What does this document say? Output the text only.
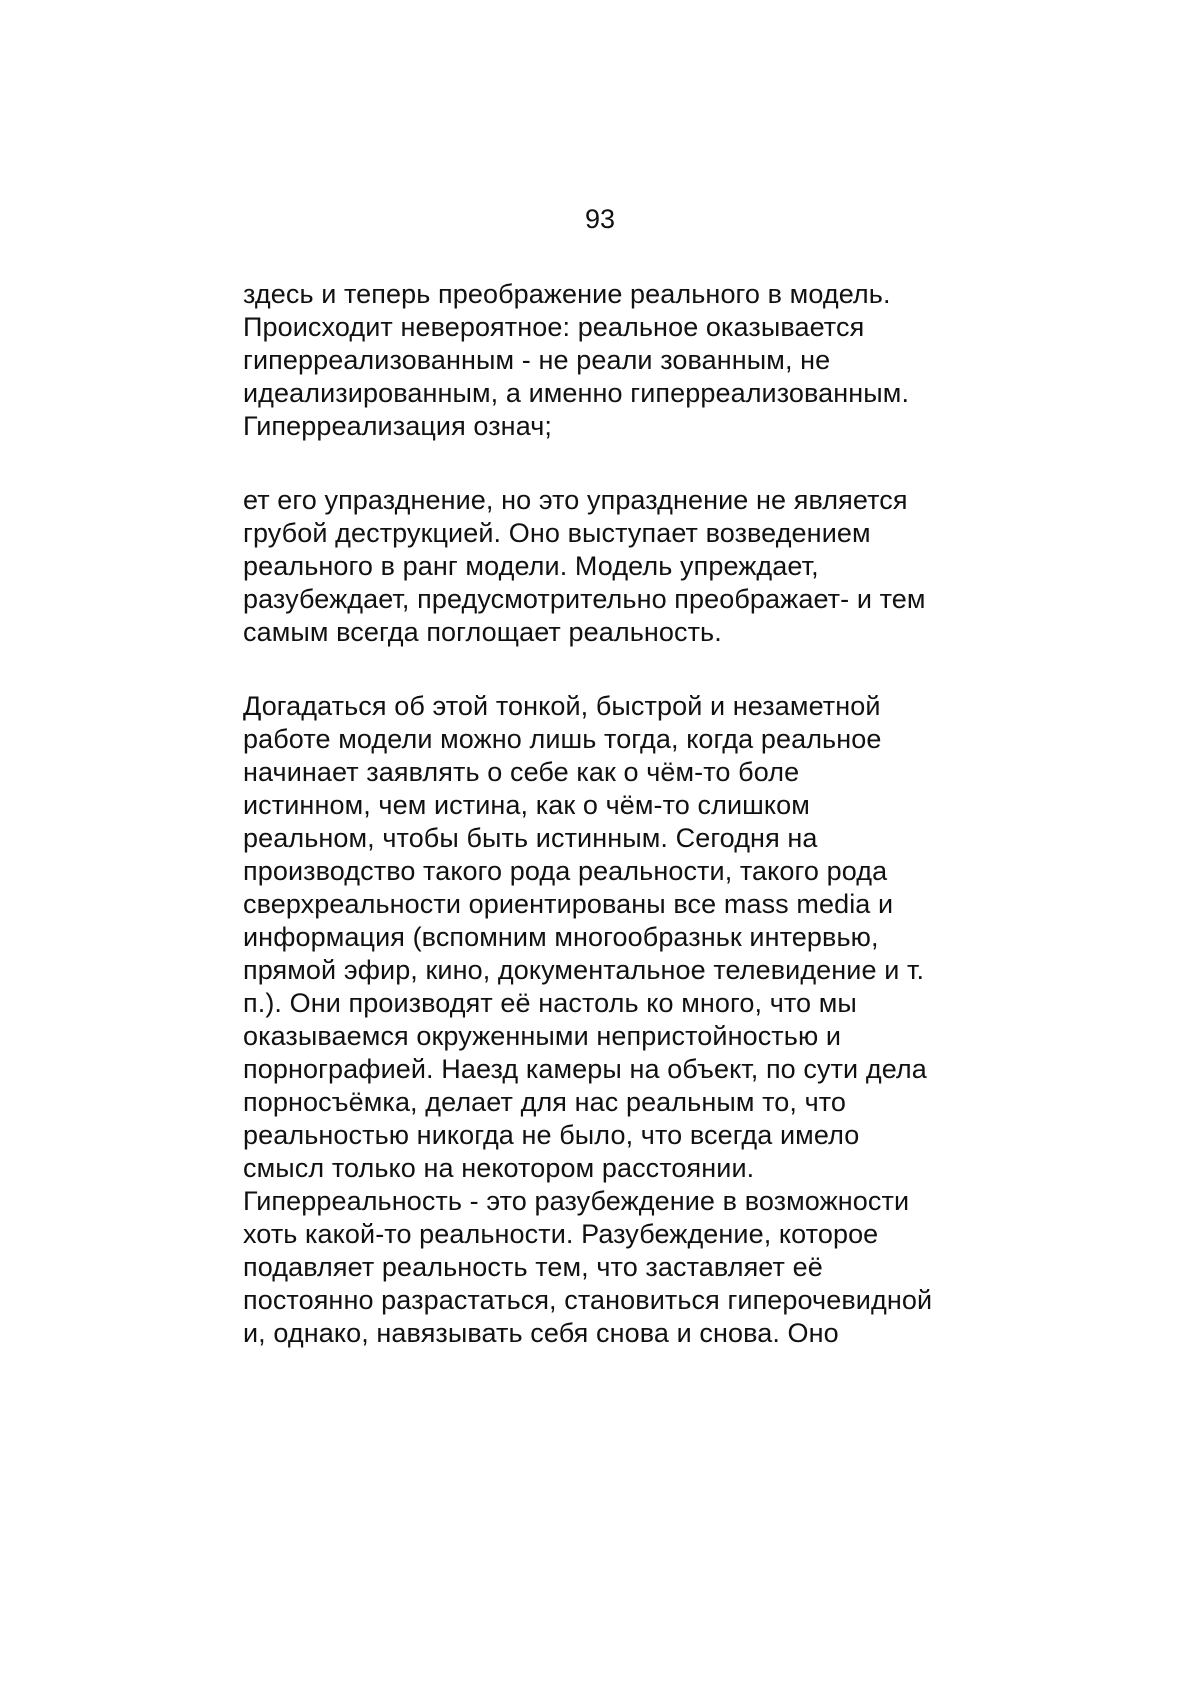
93

здесь и теперь преображение реального в модель.
Происходит невероятное: реальное оказывается
гиперреализованным - не реали зованным, не
идеализированным, а именно гиперреализованным.
Гиперреализация означ;

ет его упразднение, но это упразднение не является
грубой деструкцией. Оно выступает возведением
реального в ранг модели. Модель упреждает,
разубеждает, предусмотрительно преображает- и тем
самым всегда поглощает реальность.

Догадаться об этой тонкой, быстрой и незаметной
работе модели можно лишь тогда, когда реальное
начинает заявлять о себе как о чём-то боле
истинном, чем истина, как о чём-то слишком
реальном, чтобы быть истинным. Сегодня на
производство такого рода реальности, такого рода
сверхреальности ориентированы все mass media и
информация (вспомним многообразньк интервью,
прямой эфир, кино, документальное телевидение и т.
п.). Они производят её настоль ко много, что мы
оказываемся окруженными непристойностью и
порнографией. Наезд камеры на объект, по сути дела
порносъёмка, делает для нас реальным то, что
реальностью никогда не было, что всегда имело
смысл только на некотором расстоянии.
Гиперреальность - это разубеждение в возможности
хоть какой-то реальности. Разубеждение, которое
подавляет реальность тем, что заставляет её
постоянно разрастаться, становиться гиперочевидной
и, однако, навязывать себя снова и снова. Оно
